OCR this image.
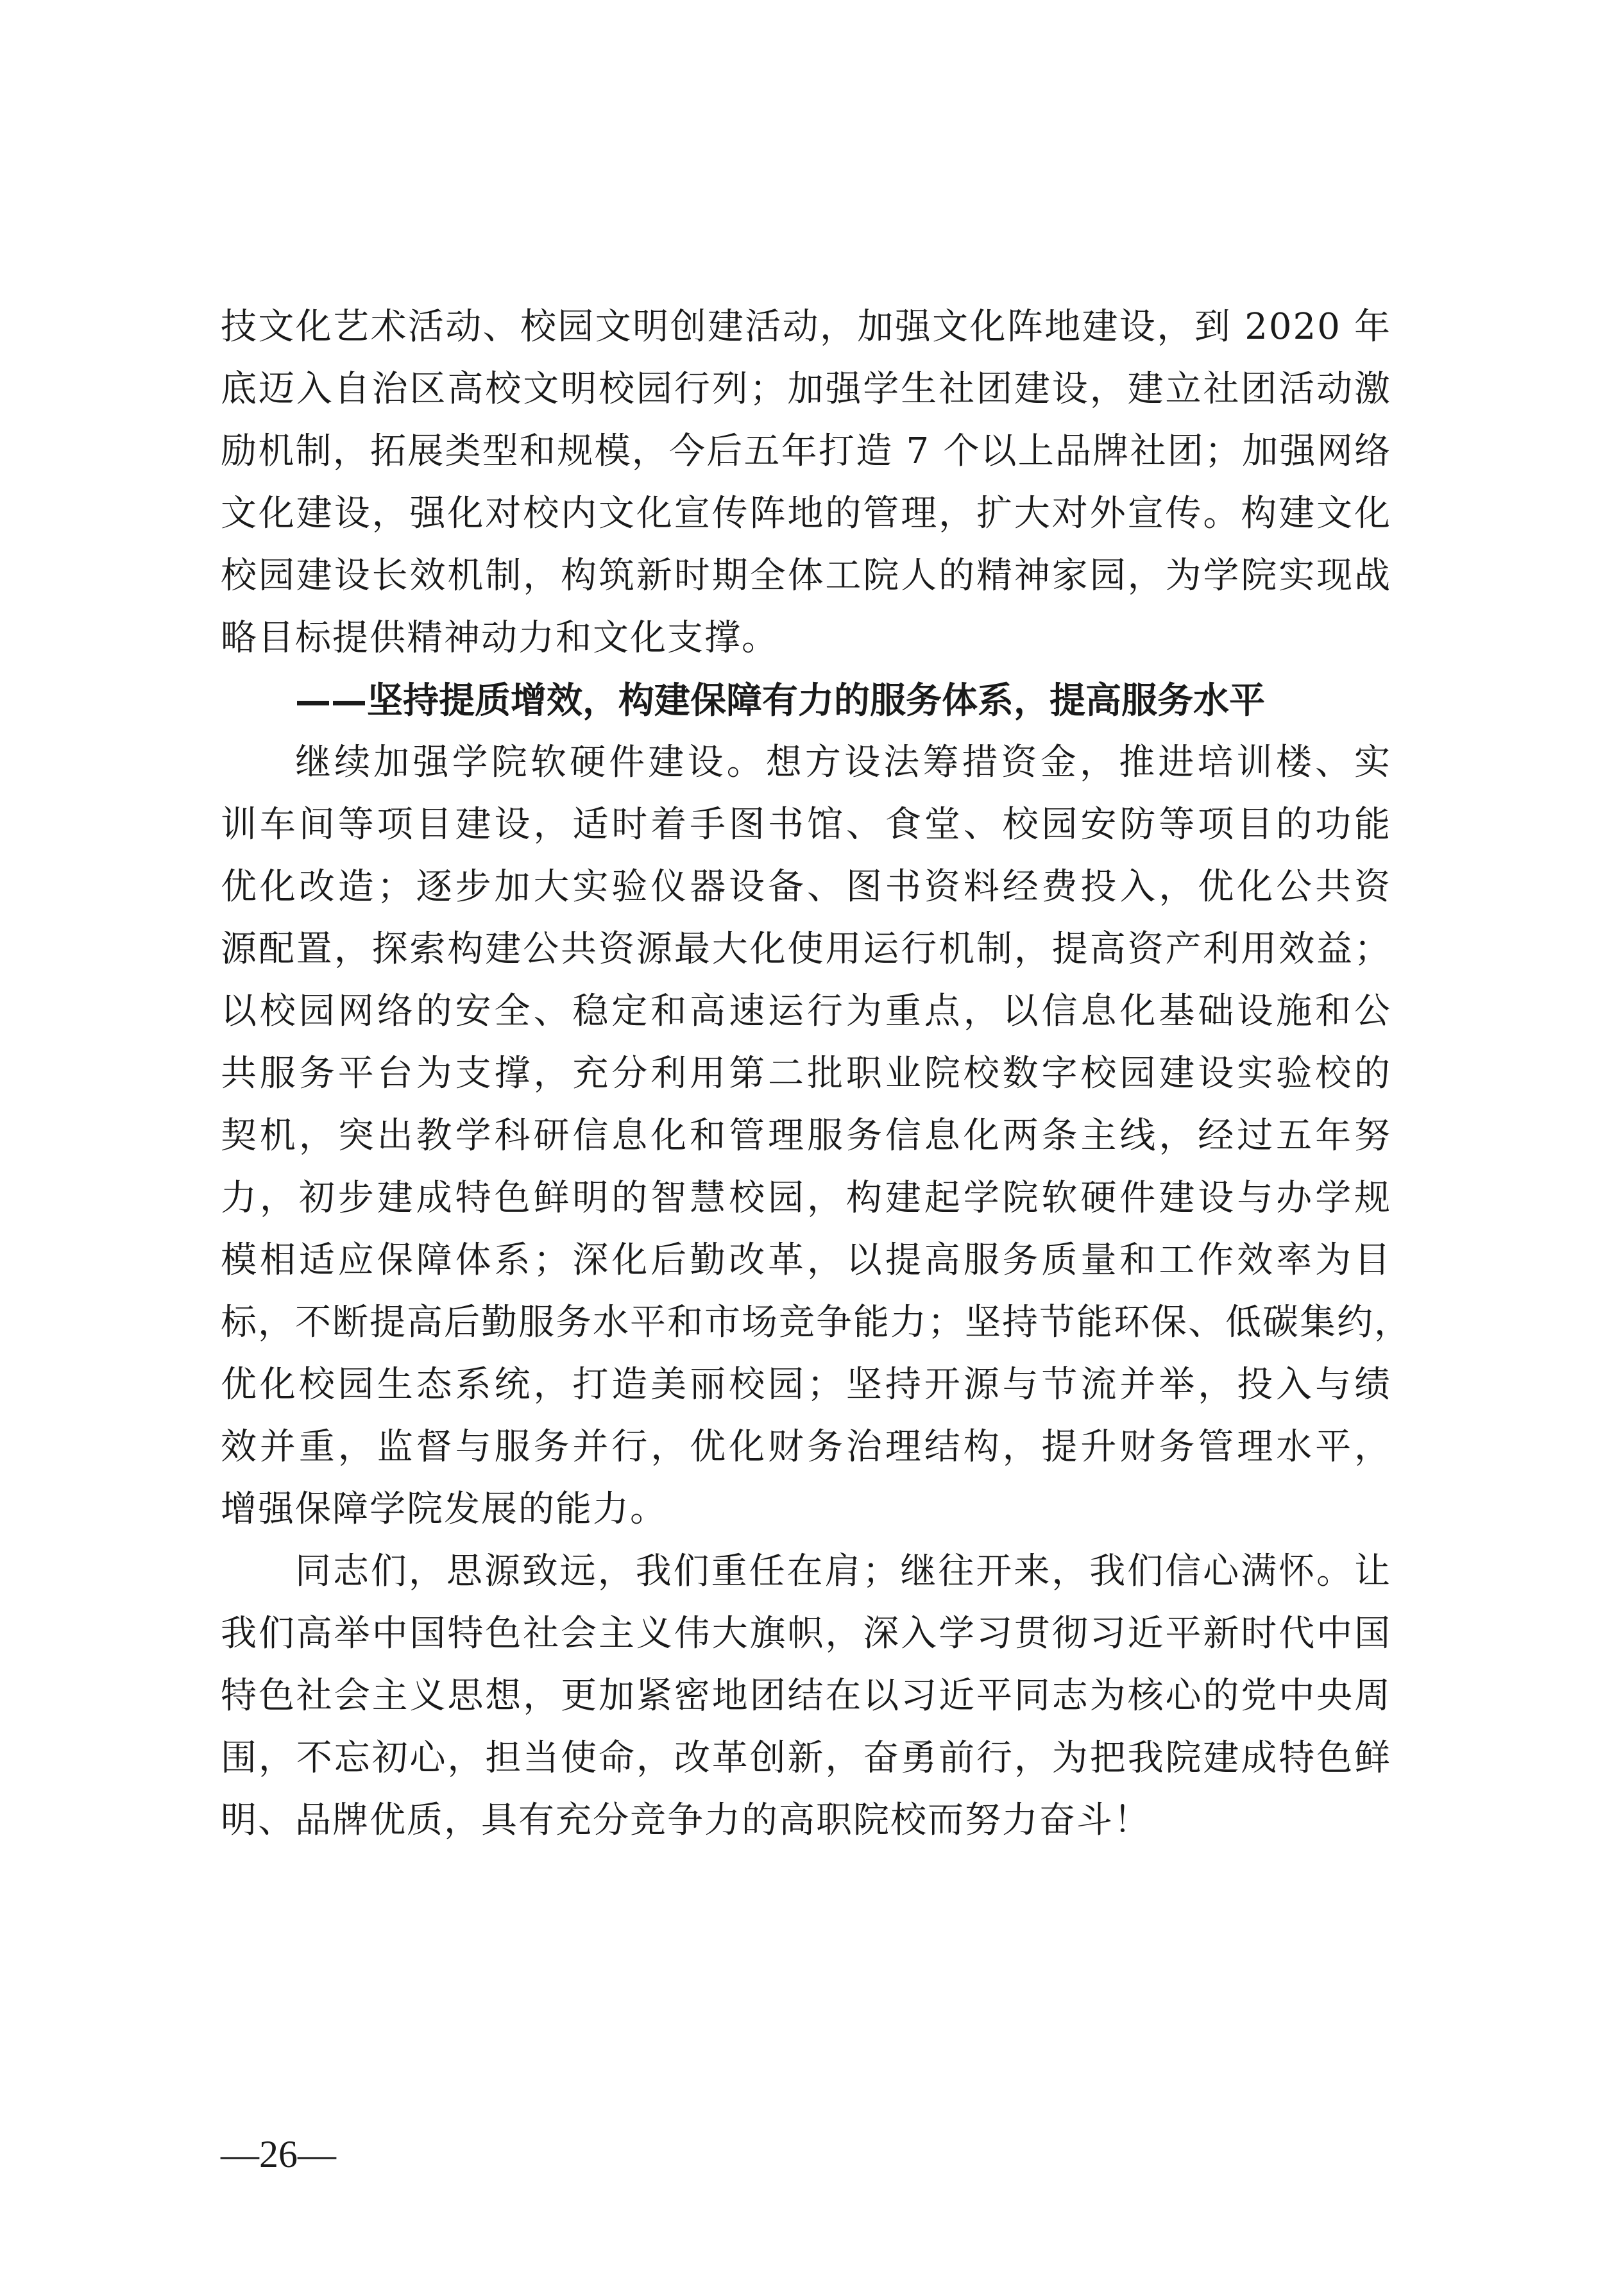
技文化艺术活动、校园文明创建活动，加强文化阵地建设，到 2020 年
底迈入自治区高校文明校园行列；加强学生社团建设，建立社团活动激
励机制，拓展类型和规模，今后五年打造 7 个以上品牌社团；加强网络
文化建设，强化对校内文化宣传阵地的管理，扩大对外宣传。构建文化
校园建设长效机制，构筑新时期全体工院人的精神家园，为学院实现战
略目标提供精神动力和文化支撑。
——坚持提质增效，构建保障有力的服务体系，提高服务水平
继续加强学院软硬件建设。想方设法筹措资金，推进培训楼、实
训车间等项目建设，适时着手图书馆、食堂、校园安防等项目的功能
优化改造；逐步加大实验仪器设备、图书资料经费投入，优化公共资
源配置，探索构建公共资源最大化使用运行机制，提高资产利用效益；
以校园网络的安全、稳定和高速运行为重点，以信息化基础设施和公
共服务平台为支撑，充分利用第二批职业院校数字校园建设实验校的
契机，突出教学科研信息化和管理服务信息化两条主线，经过五年努
力，初步建成特色鲜明的智慧校园，构建起学院软硬件建设与办学规
模相适应保障体系；深化后勤改革，以提高服务质量和工作效率为目
标，不断提高后勤服务水平和市场竞争能力；坚持节能环保、低碳集约，
优化校园生态系统，打造美丽校园；坚持开源与节流并举，投入与绩
效并重，监督与服务并行，优化财务治理结构，提升财务管理水平，
增强保障学院发展的能力。
同志们，思源致远，我们重任在肩；继往开来，我们信心满怀。让
我们高举中国特色社会主义伟大旗帜，深入学习贯彻习近平新时代中国
特色社会主义思想，更加紧密地团结在以习近平同志为核心的党中央周
围，不忘初心，担当使命，改革创新，奋勇前行，为把我院建成特色鲜
明、品牌优质，具有充分竞争力的高职院校而努力奋斗！
—26—
